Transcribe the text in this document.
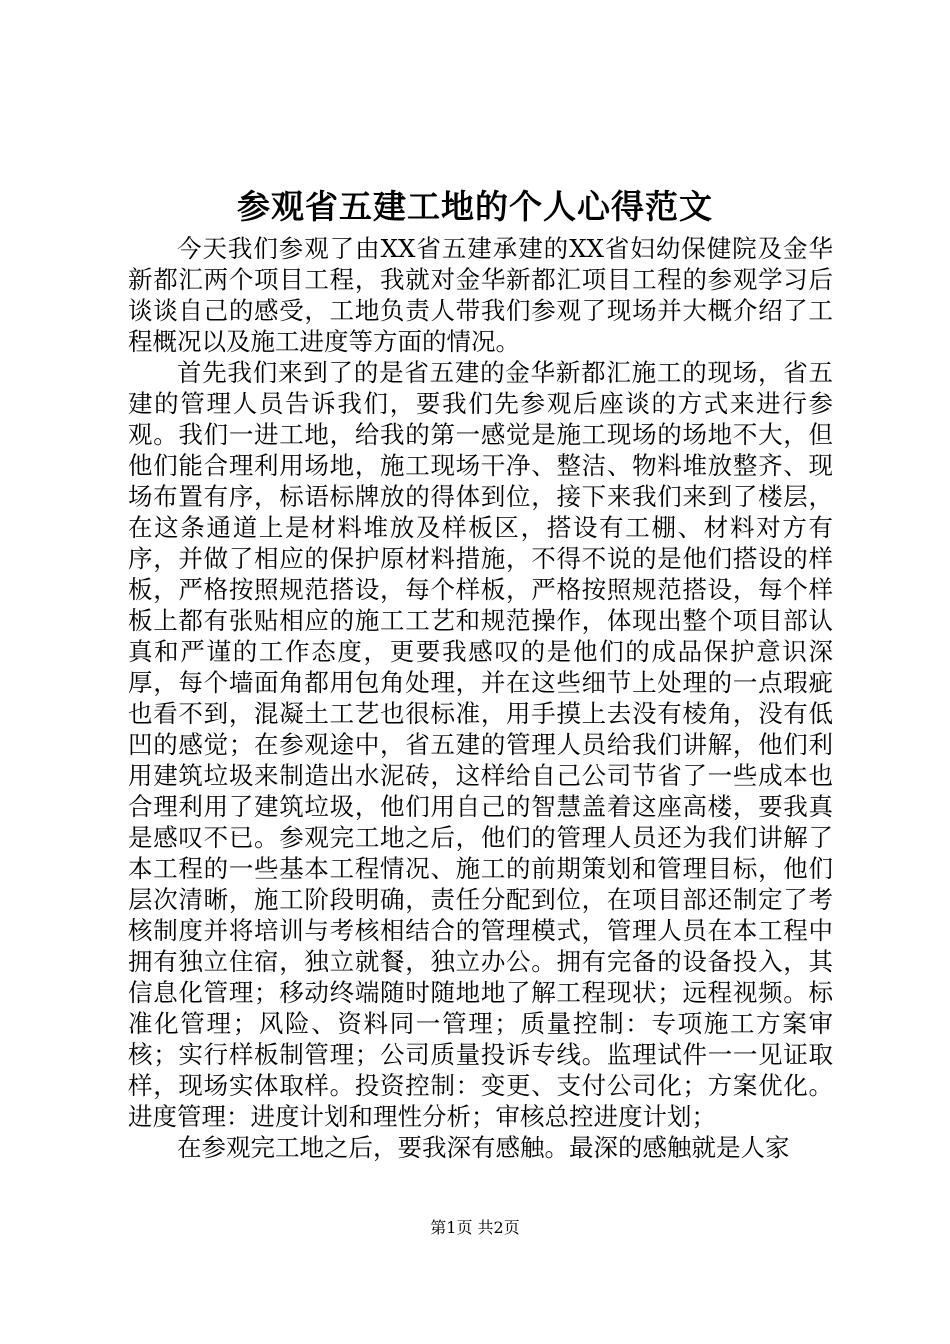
参观省五建工地的个人心得范文

今天我们参观了由XX省五建承建的XX省妇幼保健院及金华新都汇两个项目工程，我就对金华新都汇项目工程的参观学习后谈谈自己的感受，工地负责人带我们参观了现场并大概介绍了工程概况以及施工进度等方面的情况。

首先我们来到了的是省五建的金华新都汇施工的现场，省五建的管理人员告诉我们，要我们先参观后座谈的方式来进行参观。我们一进工地，给我的第一感觉是施工现场的场地不大，但他们能合理利用场地，施工现场干净、整洁、物料堆放整齐、现场布置有序，标语标牌放的得体到位，接下来我们来到了楼层，在这条通道上是材料堆放及样板区，搭设有工棚、材料对方有序，并做了相应的保护原材料措施，不得不说的是他们搭设的样板，严格按照规范搭设，每个样板，严格按照规范搭设，每个样板上都有张贴相应的施工工艺和规范操作，体现出整个项目部认真和严谨的工作态度，更要我感叹的是他们的成品保护意识深厚，每个墙面角都用包角处理，并在这些细节上处理的一点瑕疵也看不到，混凝土工艺也很标准，用手摸上去没有棱角，没有低凹的感觉；在参观途中，省五建的管理人员给我们讲解，他们利用建筑垃圾来制造出水泥砖，这样给自己公司节省了一些成本也合理利用了建筑垃圾，他们用自己的智慧盖着这座高楼，要我真是感叹不已。参观完工地之后，他们的管理人员还为我们讲解了本工程的一些基本工程情况、施工的前期策划和管理目标，他们层次清晰，施工阶段明确，责任分配到位，在项目部还制定了考核制度并将培训与考核相结合的管理模式，管理人员在本工程中拥有独立住宿，独立就餐，独立办公。拥有完备的设备投入，其信息化管理；移动终端随时随地地了解工程现状；远程视频。标准化管理；风险、资料同一管理；质量控制：专项施工方案审核；实行样板制管理；公司质量投诉专线。监理试件一一见证取样，现场实体取样。投资控制：变更、支付公司化；方案优化。进度管理：进度计划和理性分析；审核总控进度计划；

在参观完工地之后，要我深有感触。最深的感触就是人家

第1页 共2页
